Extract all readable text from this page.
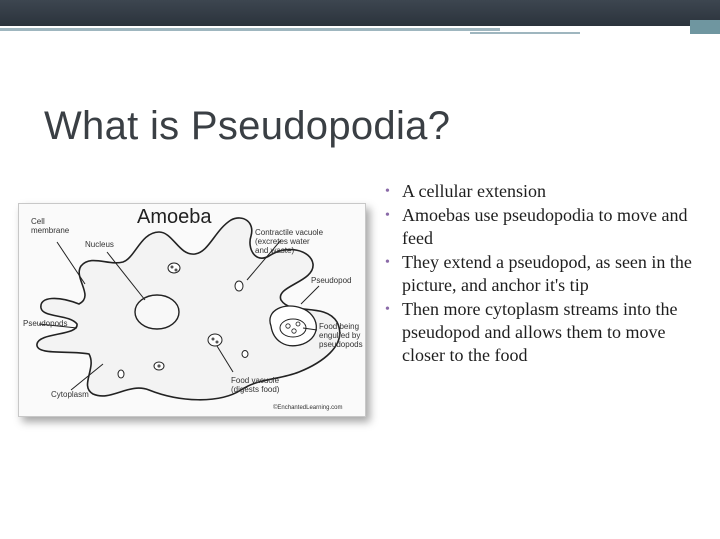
What is Pseudopodia?
Amoeba
Cell
membrane
Nucleus
Contractile vacuole
(excretes water
and waste)
Pseudopod
Pseudopods	Food being
engulfed by
pseudopods
Cytoplasm
Food vacuole
(digests food)
©EnchantedLearning.com
• A cellular extension
• Amoebas use pseudopodia to move and feed
• They extend a pseudopod, as seen in the picture, and anchor it's tip
• Then more cytoplasm streams into the pseudopod and allows them to move closer to the food
